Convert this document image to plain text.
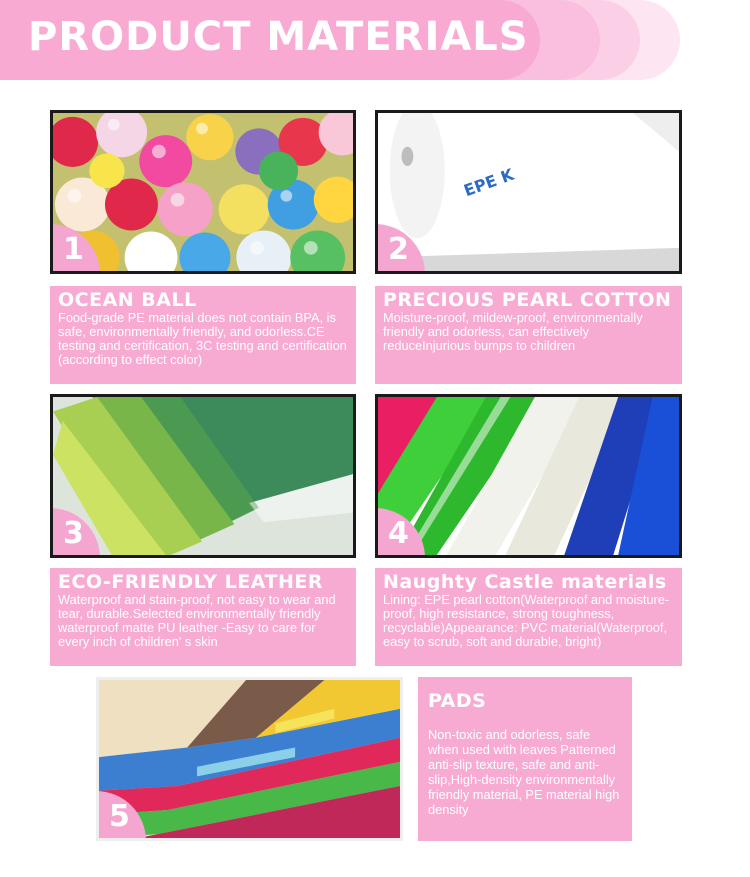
PRODUCT MATERIALS
1
EPE K
2
OCEAN BALL
Food-grade PE material does not contain BPA, is safe, environmentally friendly, and odorless.CE testing and certification, 3C testing and certification (according to effect color)
PRECIOUS PEARL COTTON
Moisture-proof, mildew-proof, environmentally friendly and odorless, can effectively reduceInjurious bumps to children
3	4
ECO-FRIENDLY LEATHER
Waterproof and stain-proof, not easy to wear and tear, durable.Selected environmentally friendly waterproof matte PU leather -Easy to care for every inch of children' s skin
Naughty Castle materials
Lining: EPE pearl cotton(Waterproof and moisture-proof, high resistance, strong toughness, recyclable)Appearance: PVC material(Waterproof, easy to scrub, soft and durable, bright)
5
PADS
Non-toxic and odorless, safe when used with leaves Patterned anti-slip texture, safe and anti-slip,High-density environmentally friendly material, PE material high density
